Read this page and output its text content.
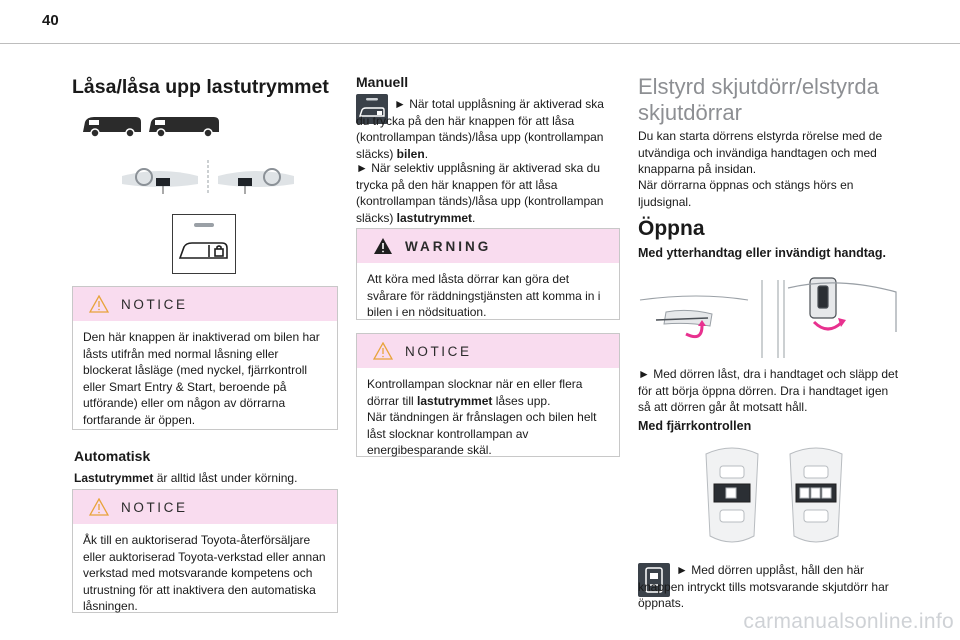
40
Låsa/låsa upp lastutrymmet
NOTICE
Den här knappen är inaktiverad om bilen har låsts utifrån med normal låsning eller blockerat låsläge (med nyckel, fjärrkontroll eller Smart Entry & Start, beroende på utförande) eller om någon av dörrarna fortfarande är öppen.
Automatisk
Lastutrymmet är alltid låst under körning.
NOTICE
Åk till en auktoriserad Toyota-återförsäljare eller auktoriserad Toyota-verkstad eller annan verkstad med motsvarande kompetens och utrustning för att inaktivera den automatiska låsningen.
Manuell
► När total upplåsning är aktiverad ska du trycka på den här knappen för att låsa (kontrollampan tänds)/låsa upp (kontrollampan släcks) bilen.
► När selektiv upplåsning är aktiverad ska du trycka på den här knappen för att låsa (kontrollampan tänds)/låsa upp (kontrollampan släcks) lastutrymmet.
WARNING
Att köra med låsta dörrar kan göra det svårare för räddningstjänsten att komma in i bilen i en nödsituation.
NOTICE
Kontrollampan slocknar när en eller flera dörrar till lastutrymmet låses upp.
När tändningen är frånslagen och bilen helt låst slocknar kontrollampan av energibesparande skäl.
Elstyrd skjutdörr/elstyrda skjutdörrar
Du kan starta dörrens elstyrda rörelse med de utvändiga och invändiga handtagen och med knapparna på insidan.
När dörrarna öppnas och stängs hörs en ljudsignal.
Öppna
Med ytterhandtag eller invändigt handtag.
► Med dörren låst, dra i handtaget och släpp det för att börja öppna dörren. Dra i handtaget igen så att dörren går åt motsatt håll.
Med fjärrkontrollen
► Med dörren upplåst, håll den här knappen intryckt tills motsvarande skjutdörr har öppnats.
carmanualsonline.info
